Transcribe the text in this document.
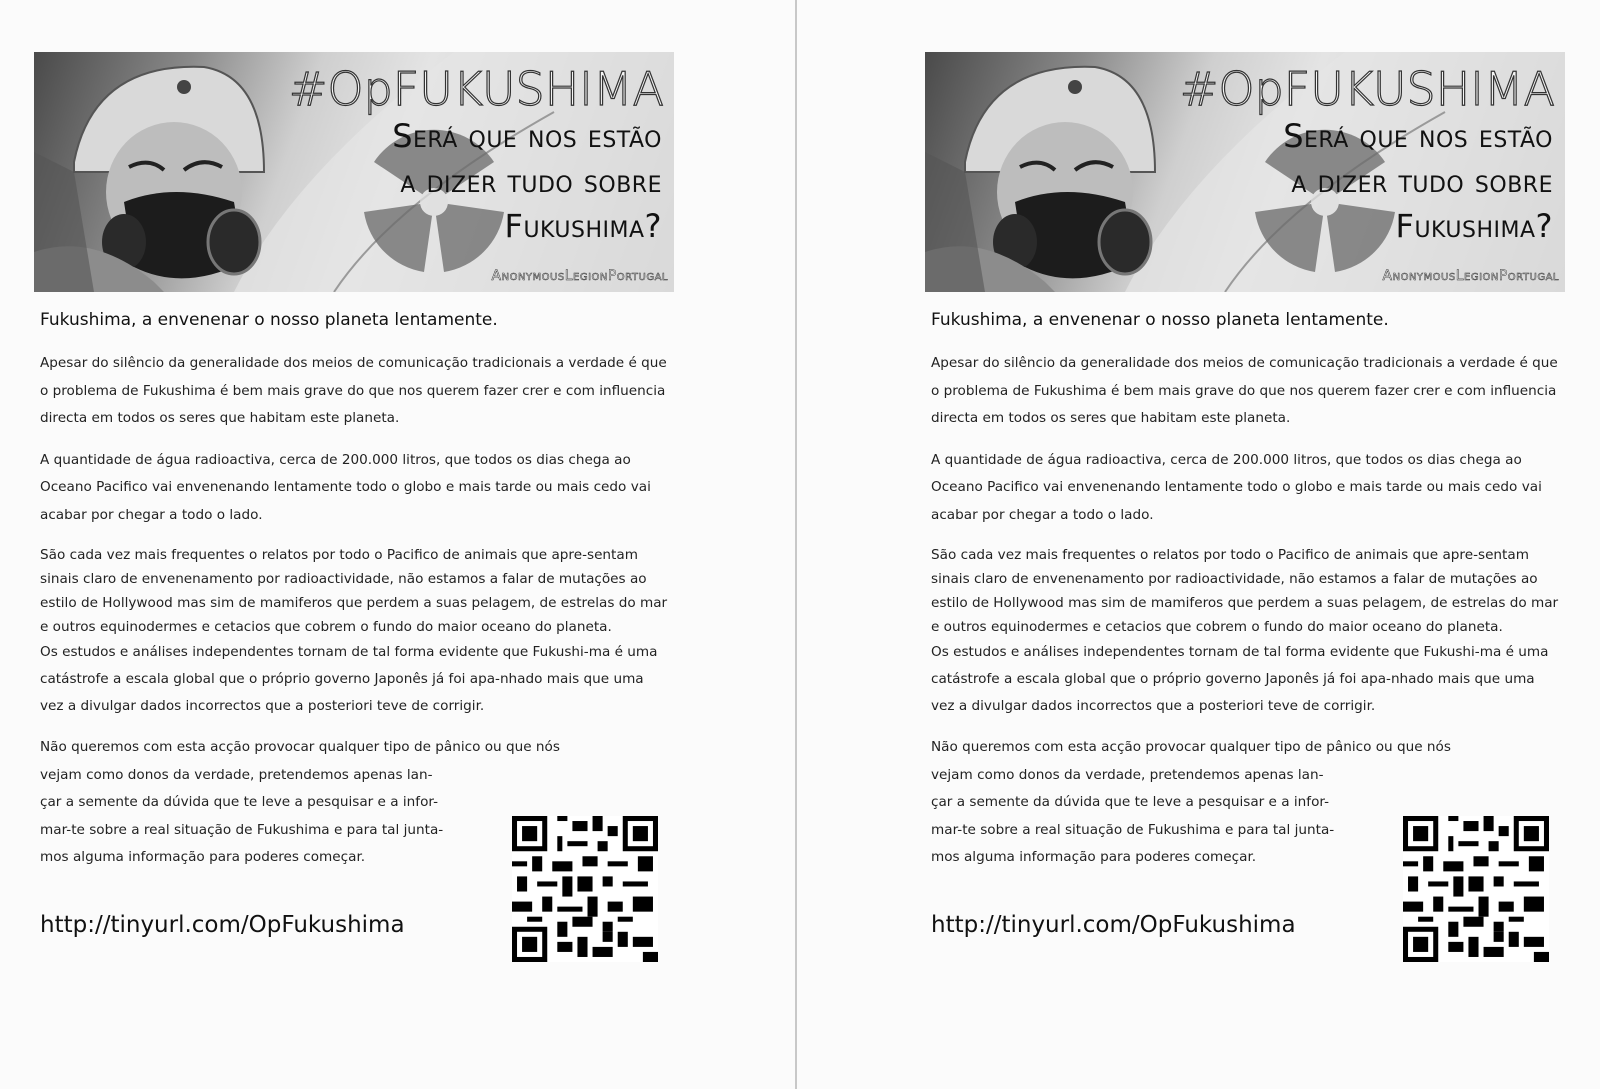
#OpFUKUSHIMA
Será que nos estão
a dizer tudo sobre
Fukushima?
AnonymousLegionPortugal
Fukushima, a envenenar o nosso planeta lentamente.
Apesar do silêncio da generalidade dos meios de comunicação tradicionais a verdade é que o problema de Fukushima é bem mais grave do que nos querem fazer crer e com influencia directa em todos os seres que habitam este planeta.
A quantidade de água radioactiva, cerca de 200.000 litros, que todos os dias chega ao Oceano Pacifico vai envenenando lentamente todo o globo e mais tarde ou mais cedo vai acabar por chegar a todo o lado.
São cada vez mais frequentes o relatos por todo o Pacifico de animais que apre-sentam sinais claro de envenenamento por radioactividade, não estamos a falar de mutações ao estilo de Hollywood mas sim de mamiferos que perdem a suas pelagem, de estrelas do mar e outros equinodermes e cetacios que cobrem o fundo do maior oceano do planeta.
Os estudos e análises independentes tornam de tal forma evidente que Fukushi-ma é uma catástrofe a escala global que o próprio governo Japonês já foi apa-nhado mais que uma vez a divulgar dados incorrectos que a posteriori teve de corrigir.
Não queremos com esta acção provocar qualquer tipo de pânico ou que nós
vejam como donos da verdade, pretendemos apenas lan-
çar a semente da dúvida que te leve a pesquisar e a infor-
mar-te sobre a real situação de Fukushima e para tal junta-
mos alguma informação para poderes começar.
http://tinyurl.com/OpFukushima
#OpFUKUSHIMA
Será que nos estão
a dizer tudo sobre
Fukushima?
AnonymousLegionPortugal
Fukushima, a envenenar o nosso planeta lentamente.
Apesar do silêncio da generalidade dos meios de comunicação tradicionais a verdade é que o problema de Fukushima é bem mais grave do que nos querem fazer crer e com influencia directa em todos os seres que habitam este planeta.
A quantidade de água radioactiva, cerca de 200.000 litros, que todos os dias chega ao Oceano Pacifico vai envenenando lentamente todo o globo e mais tarde ou mais cedo vai acabar por chegar a todo o lado.
São cada vez mais frequentes o relatos por todo o Pacifico de animais que apre-sentam sinais claro de envenenamento por radioactividade, não estamos a falar de mutações ao estilo de Hollywood mas sim de mamiferos que perdem a suas pelagem, de estrelas do mar e outros equinodermes e cetacios que cobrem o fundo do maior oceano do planeta.
Os estudos e análises independentes tornam de tal forma evidente que Fukushi-ma é uma catástrofe a escala global que o próprio governo Japonês já foi apa-nhado mais que uma vez a divulgar dados incorrectos que a posteriori teve de corrigir.
Não queremos com esta acção provocar qualquer tipo de pânico ou que nós
vejam como donos da verdade, pretendemos apenas lan-
çar a semente da dúvida que te leve a pesquisar e a infor-
mar-te sobre a real situação de Fukushima e para tal junta-
mos alguma informação para poderes começar.
http://tinyurl.com/OpFukushima
